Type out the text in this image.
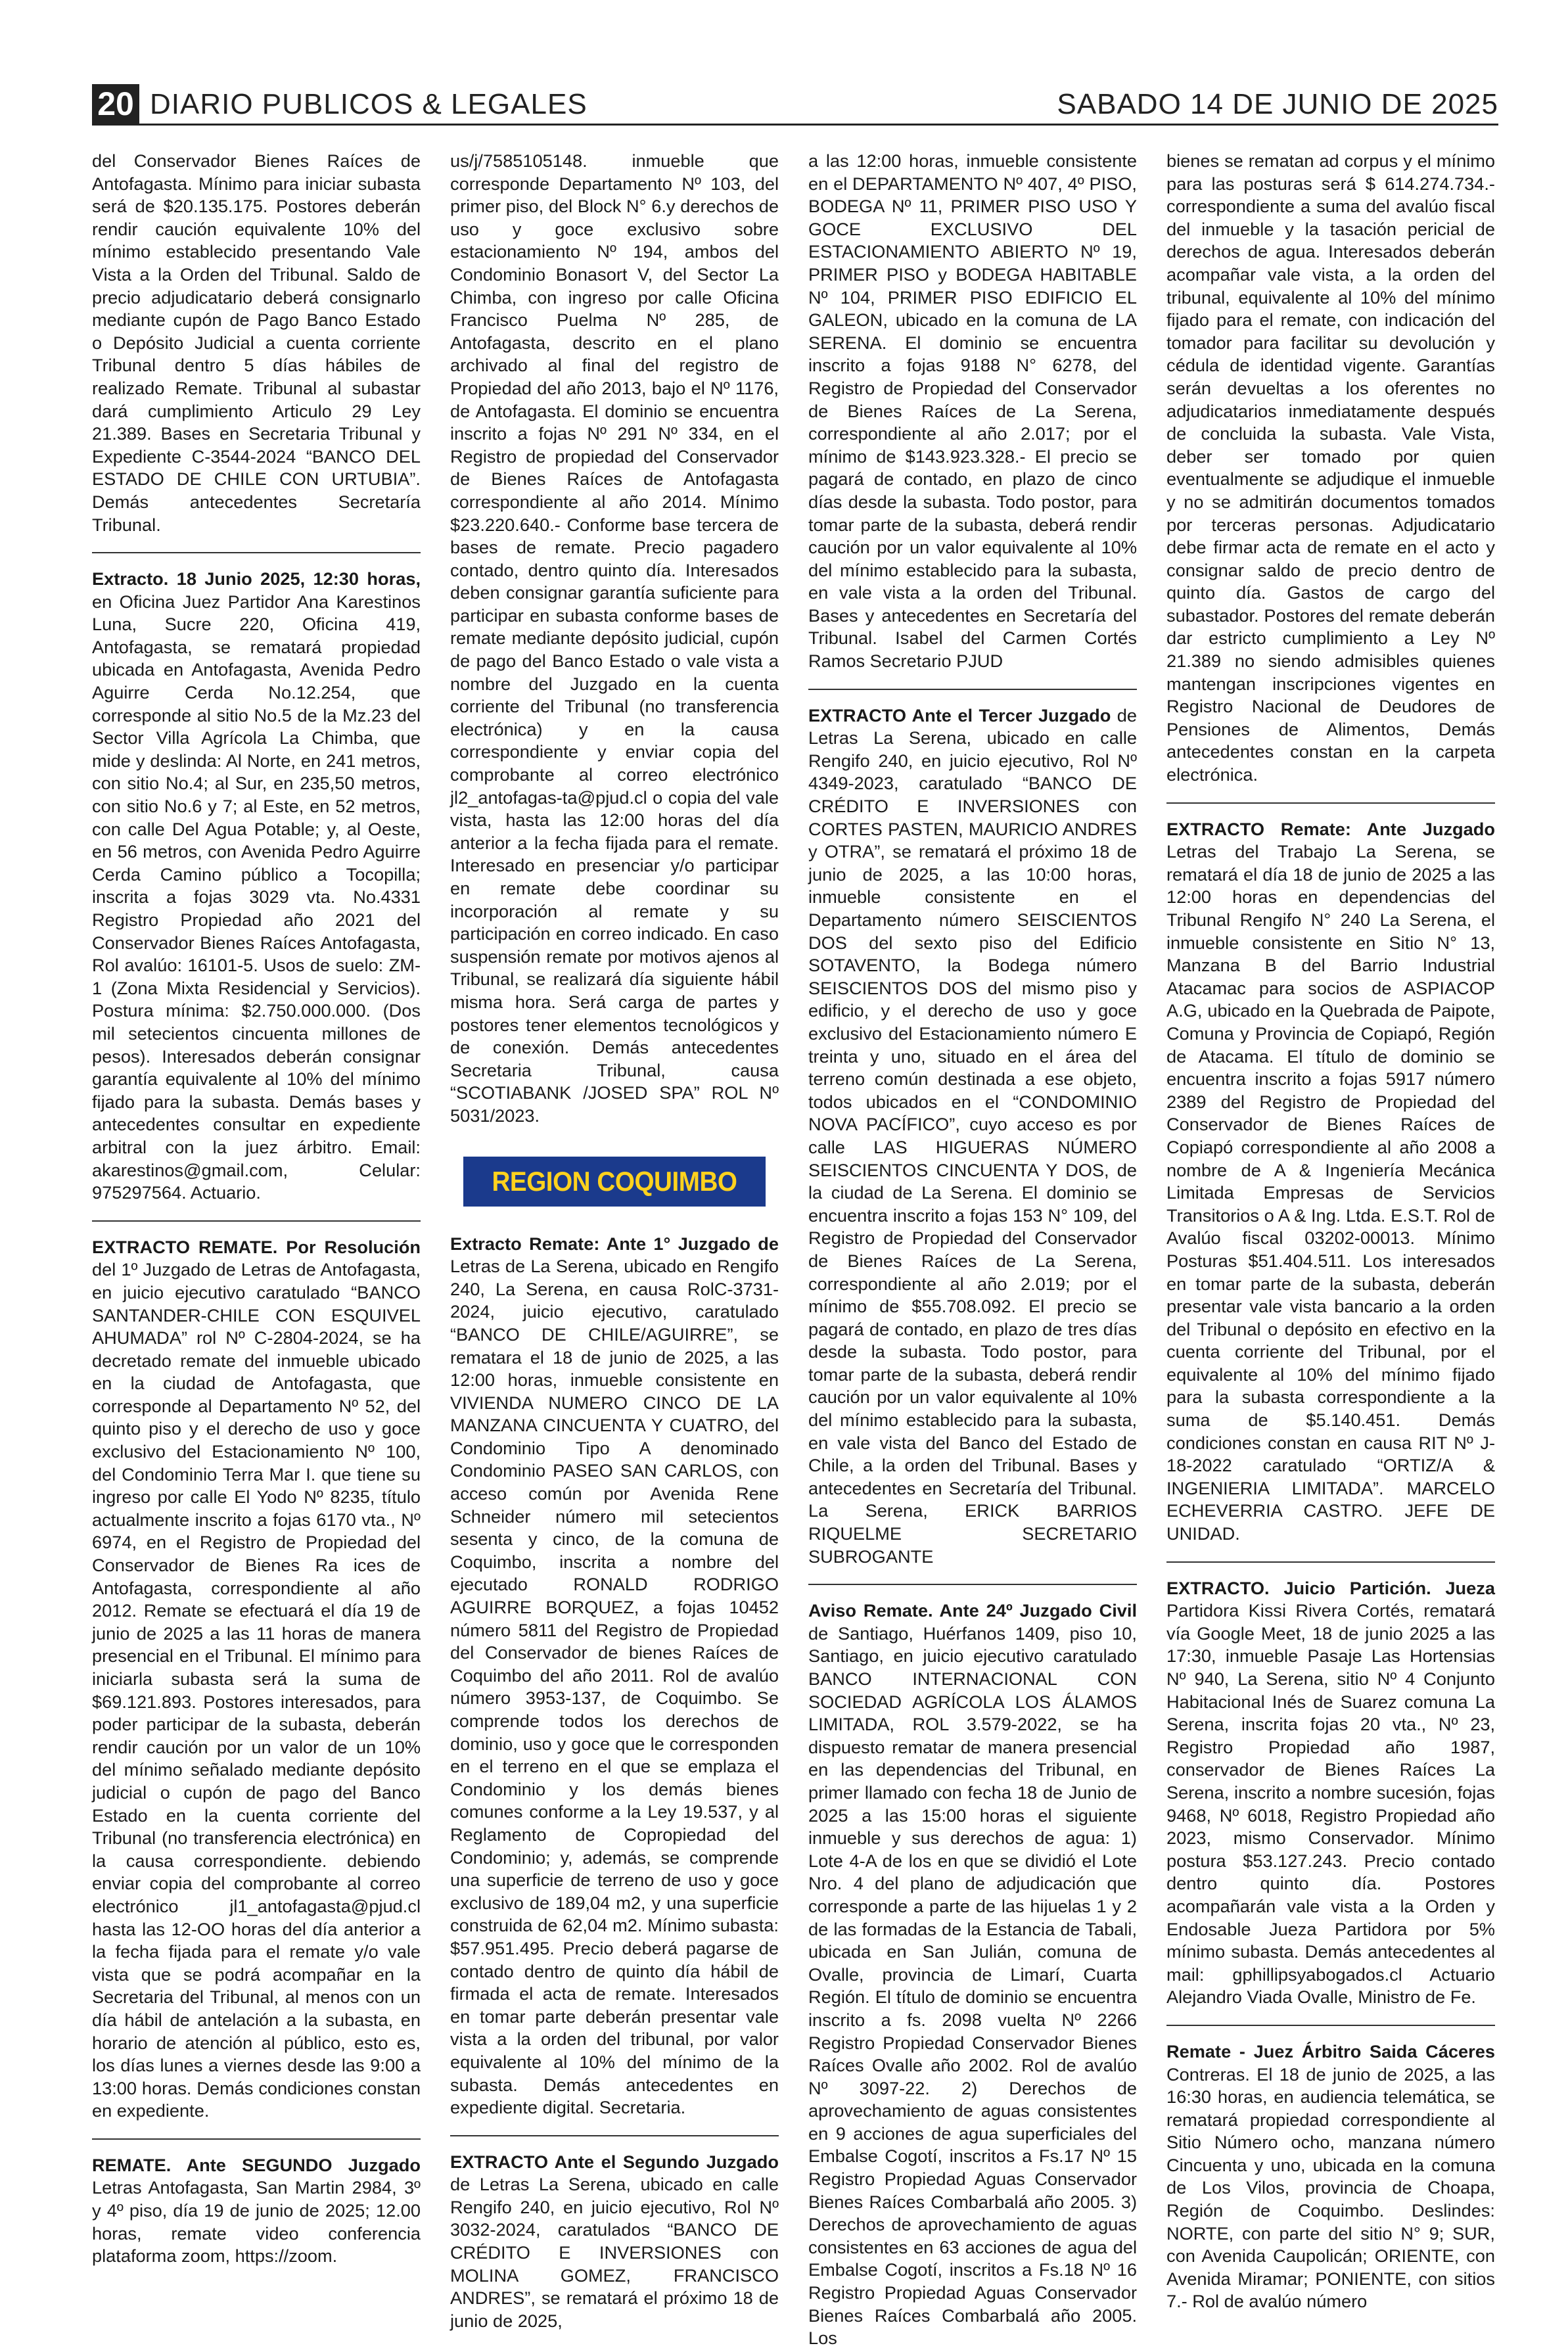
20 DIARIO PUBLICOS & LEGALES	SABADO 14 DE JUNIO DE 2025

del Conservador Bienes Raíces de Antofagasta. Mínimo para iniciar subasta será de $20.135.175. Postores deberán rendir caución equivalente 10% del mínimo establecido presentando Vale Vista a la Orden del Tribunal. Saldo de precio adjudicatario deberá consignarlo mediante cupón de Pago Banco Estado o Depósito Judicial a cuenta corriente Tribunal dentro 5 días hábiles de realizado Remate. Tribunal al subastar dará cumplimiento Articulo 29 Ley 21.389. Bases en Secretaria Tribunal y Expediente C-3544-2024 “BANCO DEL ESTADO DE CHILE CON URTUBIA”. Demás antecedentes Secretaría Tribunal.

Extracto. 18 Junio 2025, 12:30 horas, en Oficina Juez Partidor Ana Karestinos Luna, Sucre 220, Oficina 419, Antofagasta, se rematará propiedad ubicada en Antofagasta, Avenida Pedro Aguirre Cerda No.12.254, que corresponde al sitio No.5 de la Mz.23 del Sector Villa Agrícola La Chimba, que mide y deslinda: Al Norte, en 241 metros, con sitio No.4; al Sur, en 235,50 metros, con sitio No.6 y 7; al Este, en 52 metros, con calle Del Agua Potable; y, al Oeste, en 56 metros, con Avenida Pedro Aguirre Cerda Camino público a Tocopilla; inscrita a fojas 3029 vta. No.4331 Registro Propiedad año 2021 del Conservador Bienes Raíces Antofagasta, Rol avalúo: 16101-5. Usos de suelo: ZM-1 (Zona Mixta Residencial y Servicios). Postura mínima: $2.750.000.000. (Dos mil setecientos cincuenta millones de pesos). Interesados deberán consignar garantía equivalente al 10% del mínimo fijado para la subasta. Demás bases y antecedentes consultar en expediente arbitral con la juez árbitro. Email: akarestinos@gmail.com, Celular: 975297564. Actuario.

EXTRACTO REMATE. Por Resolución del 1º Juzgado de Letras de Antofagasta, en juicio ejecutivo caratulado “BANCO SANTANDER-CHILE CON ESQUIVEL AHUMADA” rol Nº C-2804-2024, se ha decretado remate del inmueble ubicado en la ciudad de Antofagasta, que corresponde al Departamento Nº 52, del quinto piso y el derecho de uso y goce exclusivo del Estacionamiento Nº 100, del Condominio Terra Mar I. que tiene su ingreso por calle El Yodo Nº 8235, título actualmente inscrito a fojas 6170 vta., Nº 6974, en el Registro de Propiedad del Conservador de Bienes Ra ices de Antofagasta, correspondiente al año 2012. Remate se efectuará el día 19 de junio de 2025 a las 11 horas de manera presencial en el Tribunal. El mínimo para iniciarla subasta será la suma de $69.121.893. Postores interesados, para poder participar de la subasta, deberán rendir caución por un valor de un 10% del mínimo señalado mediante depósito judicial o cupón de pago del Banco Estado en la cuenta corriente del Tribunal (no transferencia electrónica) en la causa correspondiente. debiendo enviar copia del comprobante al correo electrónico jl1_antofagasta@pjud.cl hasta las 12-OO horas del día anterior a la fecha fijada para el remate y/o vale vista que se podrá acompañar en la Secretaria del Tribunal, al menos con un día hábil de antelación a la subasta, en horario de atención al público, esto es, los días lunes a viernes desde las 9:00 a 13:00 horas. Demás condiciones constan en expediente.

REMATE. Ante SEGUNDO Juzgado Letras Antofagasta, San Martin 2984, 3º y 4º piso, día 19 de junio de 2025; 12.00 horas, remate video conferencia plataforma zoom, https://zoom.

us/j/7585105148. inmueble que corresponde Departamento Nº 103, del primer piso, del Block N° 6.y derechos de uso y goce exclusivo sobre estacionamiento Nº 194, ambos del Condominio Bonasort V, del Sector La Chimba, con ingreso por calle Oficina Francisco Puelma Nº 285, de Antofagasta, descrito en el plano archivado al final del registro de Propiedad del año 2013, bajo el Nº 1176, de Antofagasta. El dominio se encuentra inscrito a fojas Nº 291 Nº 334, en el Registro de propiedad del Conservador de Bienes Raíces de Antofagasta correspondiente al año 2014. Mínimo $23.220.640.- Conforme base tercera de bases de remate. Precio pagadero contado, dentro quinto día. Interesados deben consignar garantía suficiente para participar en subasta conforme bases de remate mediante depósito judicial, cupón de pago del Banco Estado o vale vista a nombre del Juzgado en la cuenta corriente del Tribunal (no transferencia electrónica) y en la causa correspondiente y enviar copia del comprobante al correo electrónico jl2_antofagas-ta@pjud.cl o copia del vale vista, hasta las 12:00 horas del día anterior a la fecha fijada para el remate. Interesado en presenciar y/o participar en remate debe coordinar su incorporación al remate y su participación en correo indicado. En caso suspensión remate por motivos ajenos al Tribunal, se realizará día siguiente hábil misma hora. Será carga de partes y postores tener elementos tecnológicos y de conexión. Demás antecedentes Secretaria Tribunal, causa “SCOTIABANK /JOSED SPA” ROL Nº 5031/2023.

REGION COQUIMBO

Extracto Remate: Ante 1° Juzgado de Letras de La Serena, ubicado en Rengifo 240, La Serena, en causa RolC-3731-2024, juicio ejecutivo, caratulado “BANCO DE CHILE/AGUIRRE”, se rematara el 18 de junio de 2025, a las 12:00 horas, inmueble consistente en VIVIENDA NUMERO CINCO DE LA MANZANA CINCUENTA Y CUATRO, del Condominio Tipo A denominado Condominio PASEO SAN CARLOS, con acceso común por Avenida Rene Schneider número mil setecientos sesenta y cinco, de la comuna de Coquimbo, inscrita a nombre del ejecutado RONALD RODRIGO AGUIRRE BORQUEZ, a fojas 10452 número 5811 del Registro de Propiedad del Conservador de bienes Raíces de Coquimbo del año 2011. Rol de avalúo número 3953-137, de Coquimbo. Se comprende todos los derechos de dominio, uso y goce que le corresponden en el terreno en el que se emplaza el Condominio y los demás bienes comunes conforme a la Ley 19.537, y al Reglamento de Copropiedad del Condominio; y, además, se comprende una superficie de terreno de uso y goce exclusivo de 189,04 m2, y una superficie construida de 62,04 m2. Mínimo subasta: $57.951.495. Precio deberá pagarse de contado dentro de quinto día hábil de firmada el acta de remate. Interesados en tomar parte deberán presentar vale vista a la orden del tribunal, por valor equivalente al 10% del mínimo de la subasta. Demás antecedentes en expediente digital. Secretaria.

EXTRACTO Ante el Segundo Juzgado de Letras La Serena, ubicado en calle Rengifo 240, en juicio ejecutivo, Rol Nº 3032-2024, caratulados “BANCO DE CRÉDITO E INVERSIONES con MOLINA GOMEZ, FRANCISCO ANDRES”, se rematará el próximo 18 de junio de 2025,

a las 12:00 horas, inmueble consistente en el DEPARTAMENTO Nº 407, 4º PISO, BODEGA Nº 11, PRIMER PISO USO Y GOCE EXCLUSIVO DEL ESTACIONAMIENTO ABIERTO Nº 19, PRIMER PISO y BODEGA HABITABLE Nº 104, PRIMER PISO EDIFICIO EL GALEON, ubicado en la comuna de LA SERENA. El dominio se encuentra inscrito a fojas 9188 N° 6278, del Registro de Propiedad del Conservador de Bienes Raíces de La Serena, correspondiente al año 2.017; por el mínimo de $143.923.328.- El precio se pagará de contado, en plazo de cinco días desde la subasta. Todo postor, para tomar parte de la subasta, deberá rendir caución por un valor equivalente al 10% del mínimo establecido para la subasta, en vale vista a la orden del Tribunal. Bases y antecedentes en Secretaría del Tribunal. Isabel del Carmen Cortés Ramos Secretario PJUD

EXTRACTO Ante el Tercer Juzgado de Letras La Serena, ubicado en calle Rengifo 240, en juicio ejecutivo, Rol Nº 4349-2023, caratulado “BANCO DE CRÉDITO E INVERSIONES con CORTES PASTEN, MAURICIO ANDRES y OTRA”, se rematará el próximo 18 de junio de 2025, a las 10:00 horas, inmueble consistente en el Departamento número SEISCIENTOS DOS del sexto piso del Edificio SOTAVENTO, la Bodega número SEISCIENTOS DOS del mismo piso y edificio, y el derecho de uso y goce exclusivo del Estacionamiento número E treinta y uno, situado en el área del terreno común destinada a ese objeto, todos ubicados en el “CONDOMINIO NOVA PACÍFICO”, cuyo acceso es por calle LAS HIGUERAS NÚMERO SEISCIENTOS CINCUENTA Y DOS, de la ciudad de La Serena. El dominio se encuentra inscrito a fojas 153 N° 109, del Registro de Propiedad del Conservador de Bienes Raíces de La Serena, correspondiente al año 2.019; por el mínimo de $55.708.092. El precio se pagará de contado, en plazo de tres días desde la subasta. Todo postor, para tomar parte de la subasta, deberá rendir caución por un valor equivalente al 10% del mínimo establecido para la subasta, en vale vista del Banco del Estado de Chile, a la orden del Tribunal. Bases y antecedentes en Secretaría del Tribunal. La Serena, ERICK BARRIOS RIQUELME SECRETARIO SUBROGANTE

Aviso Remate. Ante 24º Juzgado Civil de Santiago, Huérfanos 1409, piso 10, Santiago, en juicio ejecutivo caratulado BANCO INTERNACIONAL CON SOCIEDAD AGRÍCOLA LOS ÁLAMOS LIMITADA, ROL 3.579-2022, se ha dispuesto rematar de manera presencial en las dependencias del Tribunal, en primer llamado con fecha 18 de Junio de 2025 a las 15:00 horas el siguiente inmueble y sus derechos de agua: 1) Lote 4-A de los en que se dividió el Lote Nro. 4 del plano de adjudicación que corresponde a parte de las hijuelas 1 y 2 de las formadas de la Estancia de Tabali, ubicada en San Julián, comuna de Ovalle, provincia de Limarí, Cuarta Región. El título de dominio se encuentra inscrito a fs. 2098 vuelta Nº 2266 Registro Propiedad Conservador Bienes Raíces Ovalle año 2002. Rol de avalúo Nº 3097-22. 2) Derechos de aprovechamiento de aguas consistentes en 9 acciones de agua superficiales del Embalse Cogotí, inscritos a Fs.17 Nº 15 Registro Propiedad Aguas Conservador Bienes Raíces Combarbalá año 2005. 3) Derechos de aprovechamiento de aguas consistentes en 63 acciones de agua del Embalse Cogotí, inscritos a Fs.18 Nº 16 Registro Propiedad Aguas Conservador Bienes Raíces Combarbalá año 2005. Los

bienes se rematan ad corpus y el mínimo para las posturas será $ 614.274.734.- correspondiente a suma del avalúo fiscal del inmueble y la tasación pericial de derechos de agua. Interesados deberán acompañar vale vista, a la orden del tribunal, equivalente al 10% del mínimo fijado para el remate, con indicación del tomador para facilitar su devolución y cédula de identidad vigente. Garantías serán devueltas a los oferentes no adjudicatarios inmediatamente después de concluida la subasta. Vale Vista, deber ser tomado por quien eventualmente se adjudique el inmueble y no se admitirán documentos tomados por terceras personas. Adjudicatario debe firmar acta de remate en el acto y consignar saldo de precio dentro de quinto día. Gastos de cargo del subastador. Postores del remate deberán dar estricto cumplimiento a Ley Nº 21.389 no siendo admisibles quienes mantengan inscripciones vigentes en Registro Nacional de Deudores de Pensiones de Alimentos, Demás antecedentes constan en la carpeta electrónica.

EXTRACTO Remate: Ante Juzgado Letras del Trabajo La Serena, se rematará el día 18 de junio de 2025 a las 12:00 horas en dependencias del Tribunal Rengifo N° 240 La Serena, el inmueble consistente en Sitio N° 13, Manzana B del Barrio Industrial Atacamac para socios de ASPIACOP A.G, ubicado en la Quebrada de Paipote, Comuna y Provincia de Copiapó, Región de Atacama. El título de dominio se encuentra inscrito a fojas 5917 número 2389 del Registro de Propiedad del Conservador de Bienes Raíces de Copiapó correspondiente al año 2008 a nombre de A & Ingeniería Mecánica Limitada Empresas de Servicios Transitorios o A & Ing. Ltda. E.S.T. Rol de Avalúo fiscal 03202-00013. Mínimo Posturas $51.404.511. Los interesados en tomar parte de la subasta, deberán presentar vale vista bancario a la orden del Tribunal o depósito en efectivo en la cuenta corriente del Tribunal, por el equivalente al 10% del mínimo fijado para la subasta correspondiente a la suma de $5.140.451. Demás condiciones constan en causa RIT Nº J-18-2022 caratulado “ORTIZ/A & INGENIERIA LIMITADA”. MARCELO ECHEVERRIA CASTRO. JEFE DE UNIDAD.

EXTRACTO. Juicio Partición. Jueza Partidora Kissi Rivera Cortés, rematará vía Google Meet, 18 de junio 2025 a las 17:30, inmueble Pasaje Las Hortensias Nº 940, La Serena, sitio Nº 4 Conjunto Habitacional Inés de Suarez comuna La Serena, inscrita fojas 20 vta., Nº 23, Registro Propiedad año 1987, conservador de Bienes Raíces La Serena, inscrito a nombre sucesión, fojas 9468, Nº 6018, Registro Propiedad año 2023, mismo Conservador. Mínimo postura $53.127.243. Precio contado dentro quinto día. Postores acompañarán vale vista a la Orden y Endosable Jueza Partidora por 5% mínimo subasta. Demás antecedentes al mail: gphillipsyabogados.cl Actuario Alejandro Viada Ovalle, Ministro de Fe.

Remate - Juez Árbitro Saida Cáceres Contreras. El 18 de junio de 2025, a las 16:30 horas, en audiencia telemática, se rematará propiedad correspondiente al Sitio Número ocho, manzana número Cincuenta y uno, ubicada en la comuna de Los Vilos, provincia de Choapa, Región de Coquimbo. Deslindes: NORTE, con parte del sitio N° 9; SUR, con Avenida Caupolicán; ORIENTE, con Avenida Miramar; PONIENTE, con sitios 7.- Rol de avalúo número
